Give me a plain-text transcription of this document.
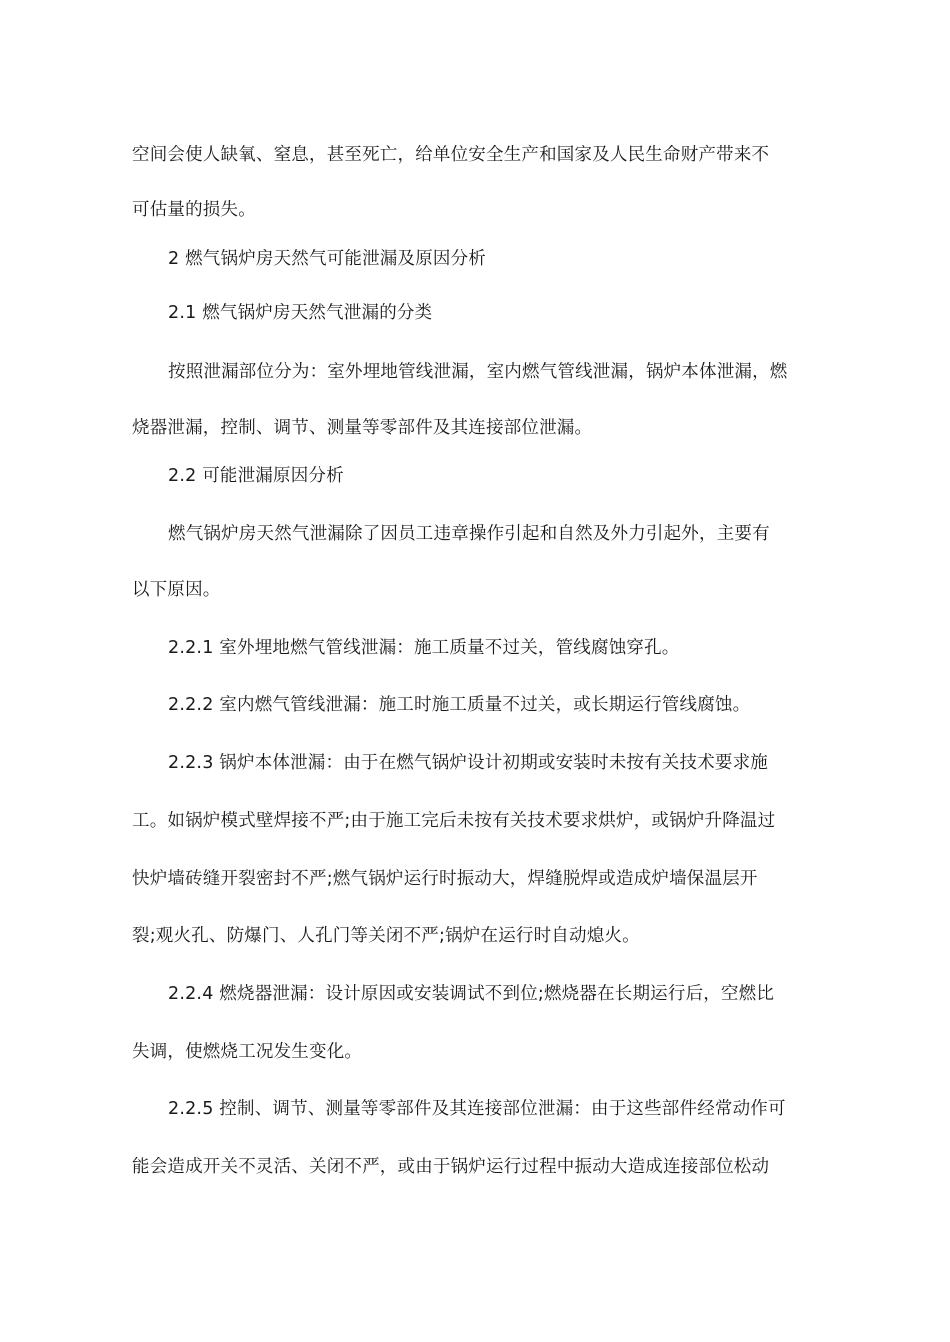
空间会使人缺氧、窒息，甚至死亡，给单位安全生产和国家及人民生命财产带来不
可估量的损失。
2 燃气锅炉房天然气可能泄漏及原因分析
2.1 燃气锅炉房天然气泄漏的分类
按照泄漏部位分为：室外埋地管线泄漏，室内燃气管线泄漏，锅炉本体泄漏，燃
烧器泄漏，控制、调节、测量等零部件及其连接部位泄漏。
2.2 可能泄漏原因分析
燃气锅炉房天然气泄漏除了因员工违章操作引起和自然及外力引起外，主要有
以下原因。
2.2.1 室外埋地燃气管线泄漏：施工质量不过关，管线腐蚀穿孔。
2.2.2 室内燃气管线泄漏：施工时施工质量不过关，或长期运行管线腐蚀。
2.2.3 锅炉本体泄漏：由于在燃气锅炉设计初期或安装时未按有关技术要求施
工。如锅炉模式壁焊接不严;由于施工完后未按有关技术要求烘炉，或锅炉升降温过
快炉墙砖缝开裂密封不严;燃气锅炉运行时振动大，焊缝脱焊或造成炉墙保温层开
裂;观火孔、防爆门、人孔门等关闭不严;锅炉在运行时自动熄火。
2.2.4 燃烧器泄漏：设计原因或安装调试不到位;燃烧器在长期运行后，空燃比
失调，使燃烧工况发生变化。
2.2.5 控制、调节、测量等零部件及其连接部位泄漏：由于这些部件经常动作可
能会造成开关不灵活、关闭不严，或由于锅炉运行过程中振动大造成连接部位松动
